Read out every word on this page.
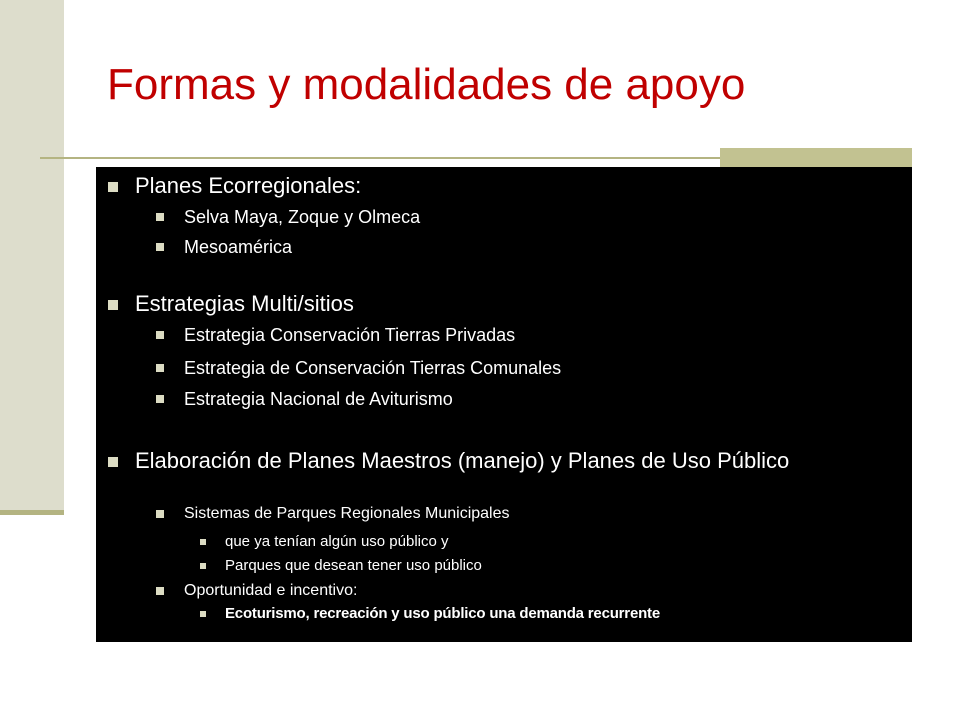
Formas y modalidades de apoyo
Planes Ecorregionales:
Selva Maya, Zoque y Olmeca
Mesoamérica
Estrategias Multi/sitios
Estrategia Conservación Tierras Privadas
Estrategia de Conservación Tierras Comunales
Estrategia Nacional de Aviturismo
Elaboración de Planes Maestros (manejo) y Planes de Uso Público
Sistemas de Parques Regionales Municipales
que ya tenían algún uso público y
Parques que desean tener uso público
Oportunidad e incentivo:
Ecoturismo, recreación y uso público una demanda recurrente
